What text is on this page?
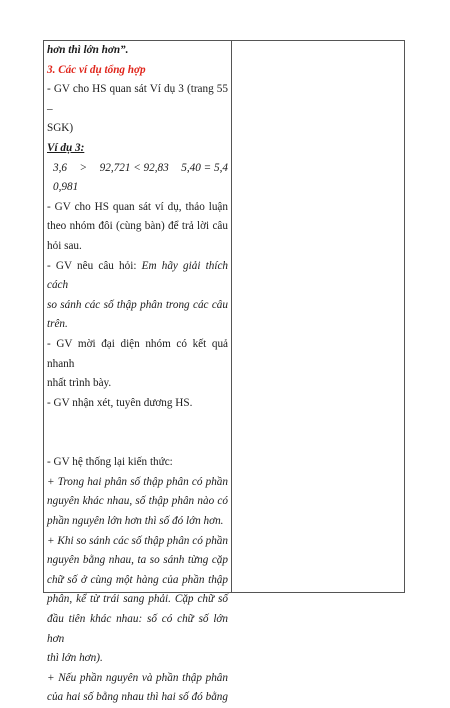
hơn thì lớn hơn”.
3. Các ví dụ tổng hợp
- GV cho HS quan sát Ví dụ 3 (trang 55 –
SGK)
Ví dụ 3:
3,6 > 92,721 < 92,83 5,40 = 5,4
0,981
- GV cho HS quan sát ví dụ, thảo luận
theo nhóm đôi (cùng bàn) để trả lời câu
hỏi sau.
- GV nêu câu hỏi: Em hãy giải thích cách
so sánh các số thập phân trong các câu
trên.
- GV mời đại diện nhóm có kết quả nhanh
nhất trình bày.
- GV nhận xét, tuyên dương HS.
- GV hệ thống lại kiến thức:
+ Trong hai phân số thập phân có phần
nguyên khác nhau, số thập phân nào có
phần nguyên lớn hơn thì số đó lớn hơn.
+ Khi so sánh các số thập phân có phần
nguyên bằng nhau, ta so sánh từng cặp
chữ số ở cùng một hàng của phần thập
phân, kể từ trái sang phải. Cặp chữ số
đầu tiên khác nhau: số có chữ số lớn hơn
thì lớn hơn).
+ Nếu phần nguyên và phần thập phân
của hai số bằng nhau thì hai số đó bằng
